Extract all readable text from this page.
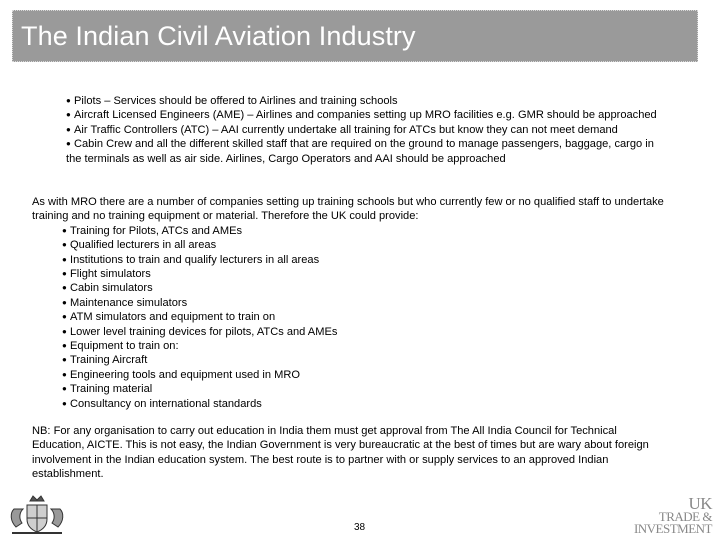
The Indian Civil Aviation Industry

● Pilots – Services should be offered to Airlines and training schools

● Aircraft Licensed Engineers (AME) – Airlines and companies setting up MRO facilities e.g. GMR should be approached

● Air Traffic Controllers (ATC) – AAI currently undertake all training for ATCs but know they can not meet demand

● Cabin Crew and all the different skilled staff that are required on the ground to manage passengers, baggage, cargo in the terminals as well as air side. Airlines, Cargo Operators and AAI should be approached

As with MRO there are a number of companies setting up training schools but who currently few or no qualified staff to undertake training and no training equipment or material. Therefore the UK could provide:
● Training for Pilots, ATCs and AMEs
● Qualified lecturers in all areas
● Institutions to train and qualify lecturers in all areas
● Flight simulators
● Cabin simulators
● Maintenance simulators
● ATM simulators and equipment to train on
● Lower level training devices for pilots, ATCs and AMEs
● Equipment to train on:
● Training Aircraft
● Engineering tools and equipment used in MRO
● Training material
● Consultancy on international standards
NB: For any organisation to carry out education in India them must get approval from The All India Council for Technical Education, AICTE. This is not easy, the Indian Government is very bureaucratic at the best of times but are wary about foreign involvement in the Indian education system. The best route is to partner with or supply services to an approved Indian establishment.
38
UK
TRADE &
INVESTMENT
